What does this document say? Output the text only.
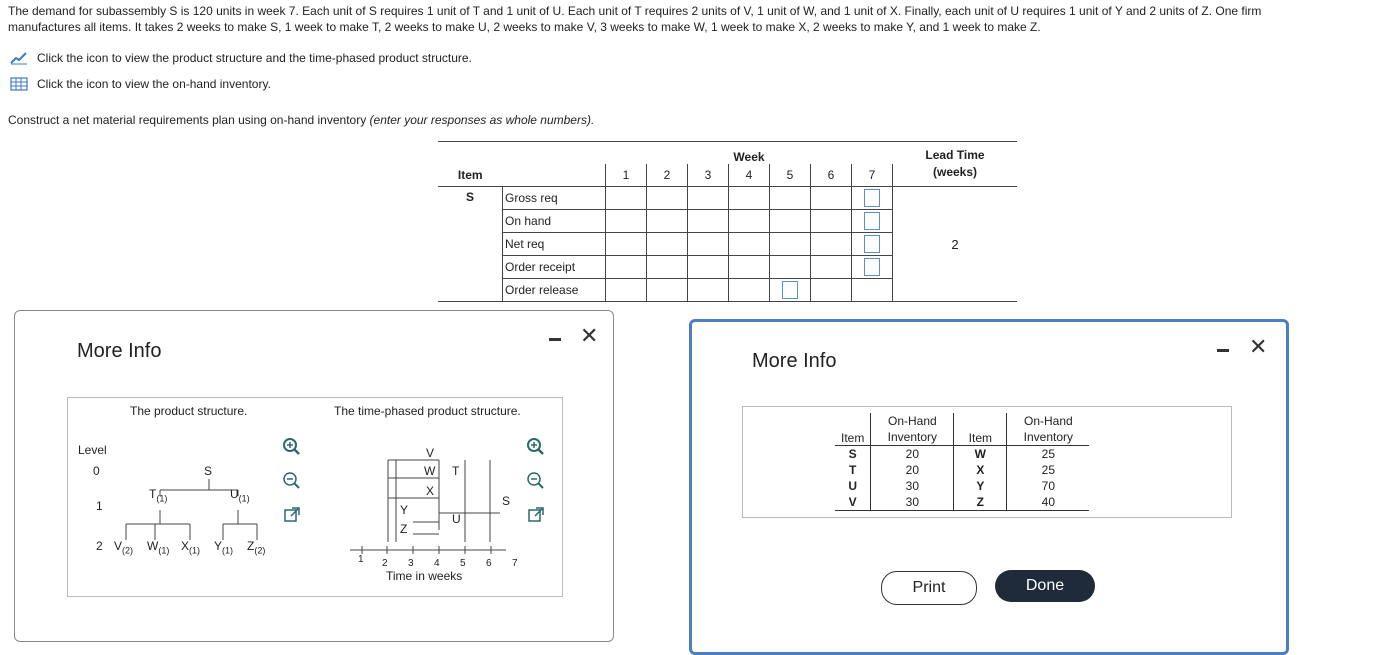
The demand for subassembly S is 120 units in week 7. Each unit of S requires 1 unit of T and 1 unit of U. Each unit of T requires 2 units of V, 1 unit of W, and 1 unit of X. Finally, each unit of U requires 1 unit of Y and 2 units of Z. One firm
manufactures all items. It takes 2 weeks to make S, 1 week to make T, 2 weeks to make U, 2 weeks to make V, 3 weeks to make W, 1 week to make X, 2 weeks to make Y, and 1 week to make Z.
Click the icon to view the product structure and the time-phased product structure.
Click the icon to view the on-hand inventory.
Construct a net material requirements plan using on-hand inventory (enter your responses as whole numbers).
		Week							Lead Time
(weeks)

Item		1	2	3	4	5	6	7	
S	Gross req								2
	On hand								
	Net req								
	Order receipt								
	Order release								
More Info
✕
The product structure.
Level
0
1
2
S
$T_{(1)}$	$U_{(1)}$
$V_{(2)}$ $W_{(1)}$ $X_{(1)}$ $Y_{(1)}$ $Z_{(2)}$
The time-phased product structure.
V
W T
X
S
Y
U
Z
1 2 3 4 5 6 7
Time in weeks
More Info
✕
Item	On-Hand	Item	On-Hand
	Inventory		Inventory
S	20	W	25
T	20	X	25
U	30	Y	70
V	30	Z	40
Print	Done
